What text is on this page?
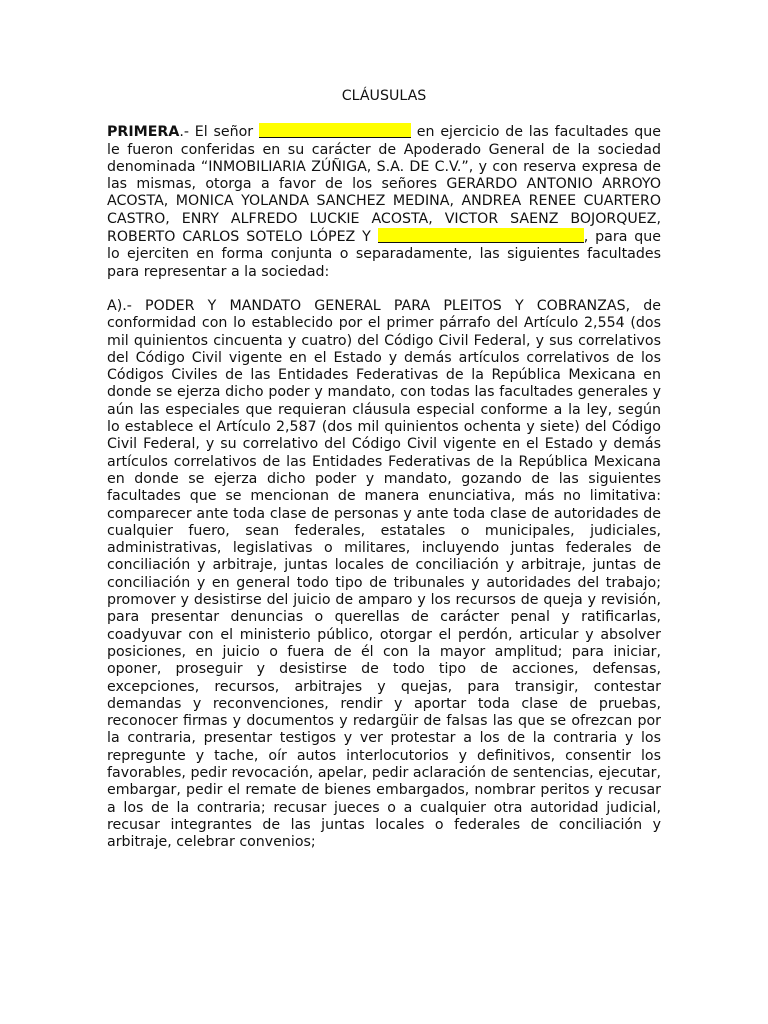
CLÁUSULAS

PRIMERA.- El señor	en ejercicio de las facultades que le fueron conferidas en su carácter de Apoderado General de la sociedad denominada “INMOBILIARIA ZÚÑIGA, S.A. DE C.V.”, y con reserva expresa de las mismas, otorga a favor de los señores GERARDO ANTONIO ARROYO ACOSTA, MONICA YOLANDA SANCHEZ MEDINA, ANDREA RENEE CUARTERO CASTRO, ENRY ALFREDO LUCKIE ACOSTA, VICTOR SAENZ BOJORQUEZ, ROBERTO CARLOS SOTELO LÓPEZ Y	, para que lo ejerciten en forma conjunta o separadamente, las siguientes facultades para representar a la sociedad:

A).- PODER Y MANDATO GENERAL PARA PLEITOS Y COBRANZAS, de conformidad con lo establecido por el primer párrafo del Artículo 2,554 (dos mil quinientos cincuenta y cuatro) del Código Civil Federal, y sus correlativos del Código Civil vigente en el Estado y demás artículos correlativos de los Códigos Civiles de las Entidades Federativas de la República Mexicana en donde se ejerza dicho poder y mandato, con todas las facultades generales y aún las especiales que requieran cláusula especial conforme a la ley, según lo establece el Artículo 2,587 (dos mil quinientos ochenta y siete) del Código Civil Federal, y su correlativo del Código Civil vigente en el Estado y demás artículos correlativos de las Entidades Federativas de la República Mexicana en donde se ejerza dicho poder y mandato, gozando de las siguientes facultades que se mencionan de manera enunciativa, más no limitativa: comparecer ante toda clase de personas y ante toda clase de autoridades de cualquier fuero, sean federales, estatales o municipales, judiciales, administrativas, legislativas o militares, incluyendo juntas federales de conciliación y arbitraje, juntas locales de conciliación y arbitraje, juntas de conciliación y en general todo tipo de tribunales y autoridades del trabajo; promover y desistirse del juicio de amparo y los recursos de queja y revisión, para presentar denuncias o querellas de carácter penal y ratificarlas, coadyuvar con el ministerio público, otorgar el perdón, articular y absolver posiciones, en juicio o fuera de él con la mayor amplitud; para iniciar, oponer, proseguir y desistirse de todo tipo de acciones, defensas, excepciones, recursos, arbitrajes y quejas, para transigir, contestar demandas y reconvenciones, rendir y aportar toda clase de pruebas, reconocer firmas y documentos y redargüir de falsas las que se ofrezcan por la contraria, presentar testigos y ver protestar a los de la contraria y los repregunte y tache, oír autos interlocutorios y definitivos, consentir los favorables, pedir revocación, apelar, pedir aclaración de sentencias, ejecutar, embargar, pedir el remate de bienes embargados, nombrar peritos y recusar a los de la contraria; recusar jueces o a cualquier otra autoridad judicial, recusar integrantes de las juntas locales o federales de conciliación y arbitraje, celebrar convenios;
